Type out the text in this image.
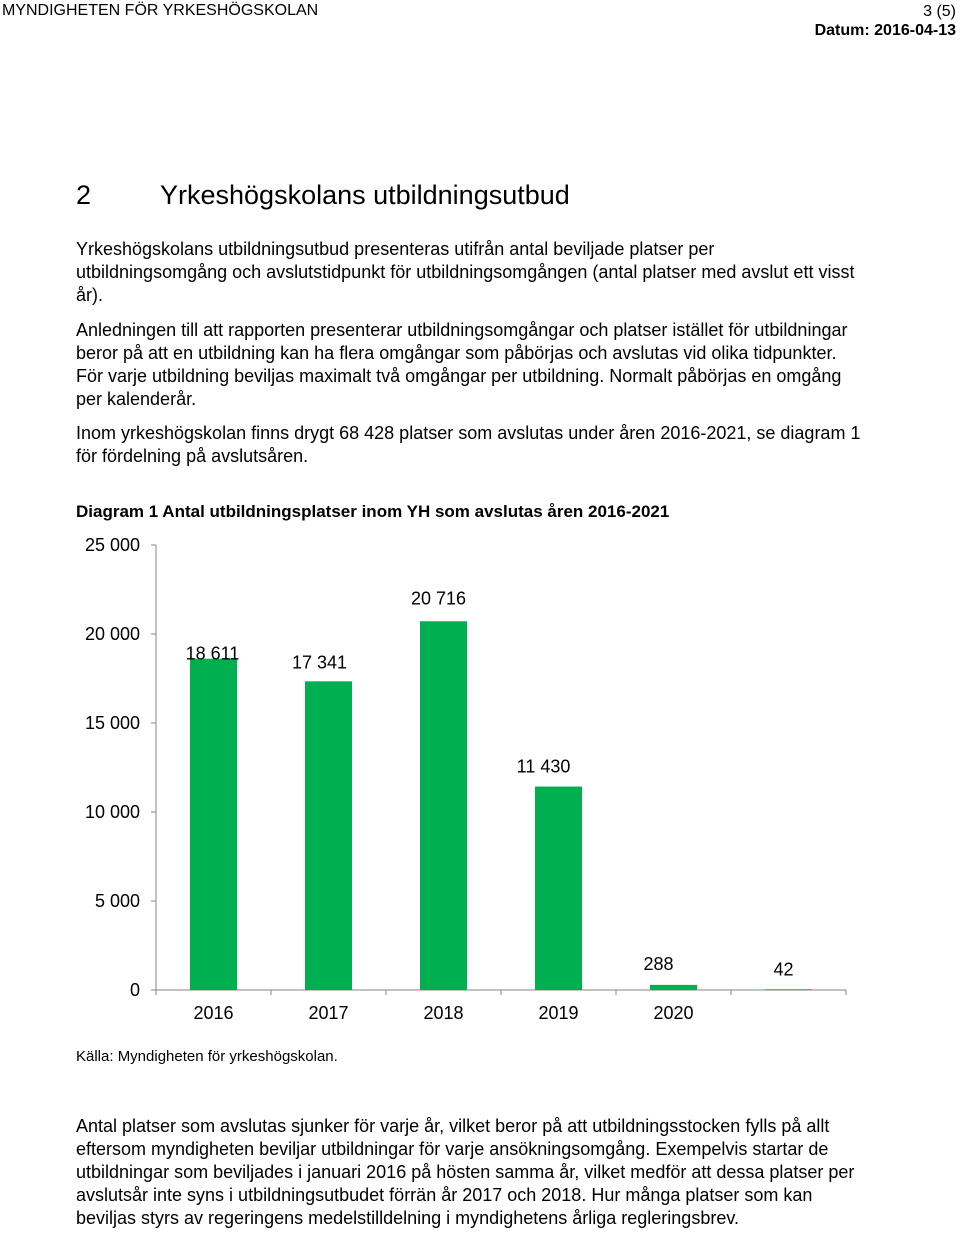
MYNDIGHETEN FÖR YRKESHÖGSKOLAN	3 (5)
Datum: 2016-04-13
2	Yrkeshögskolans utbildningsutbud

Yrkeshögskolans utbildningsutbud presenteras utifrån antal beviljade platser per utbildningsomgång och avslutstidpunkt för utbildningsomgången (antal platser med avslut ett visst år).

Anledningen till att rapporten presenterar utbildningsomgångar och platser istället för utbildningar beror på att en utbildning kan ha flera omgångar som påbörjas och avslutas vid olika tidpunkter. För varje utbildning beviljas maximalt två omgångar per utbildning. Normalt påbörjas en omgång per kalenderår.

Inom yrkeshögskolan finns drygt 68 428 platser som avslutas under åren 2016-2021, se diagram 1 för fördelning på avslutsåren.

Diagram 1 Antal utbildningsplatser inom YH som avslutas åren 2016-2021

0
5 000
10 000
15 000
20 000
25 000
18 611
2016
17 341
2017
20 716
2018
11 430
2019
288
2020
42

Källa: Myndigheten för yrkeshögskolan.

Antal platser som avslutas sjunker för varje år, vilket beror på att utbildningsstocken fylls på allt eftersom myndigheten beviljar utbildningar för varje ansökningsomgång. Exempelvis startar de utbildningar som beviljades i januari 2016 på hösten samma år, vilket medför att dessa platser per avslutsår inte syns i utbildningsutbudet förrän år 2017 och 2018. Hur många platser som kan beviljas styrs av regeringens medelstilldelning i myndighetens årliga regleringsbrev.
